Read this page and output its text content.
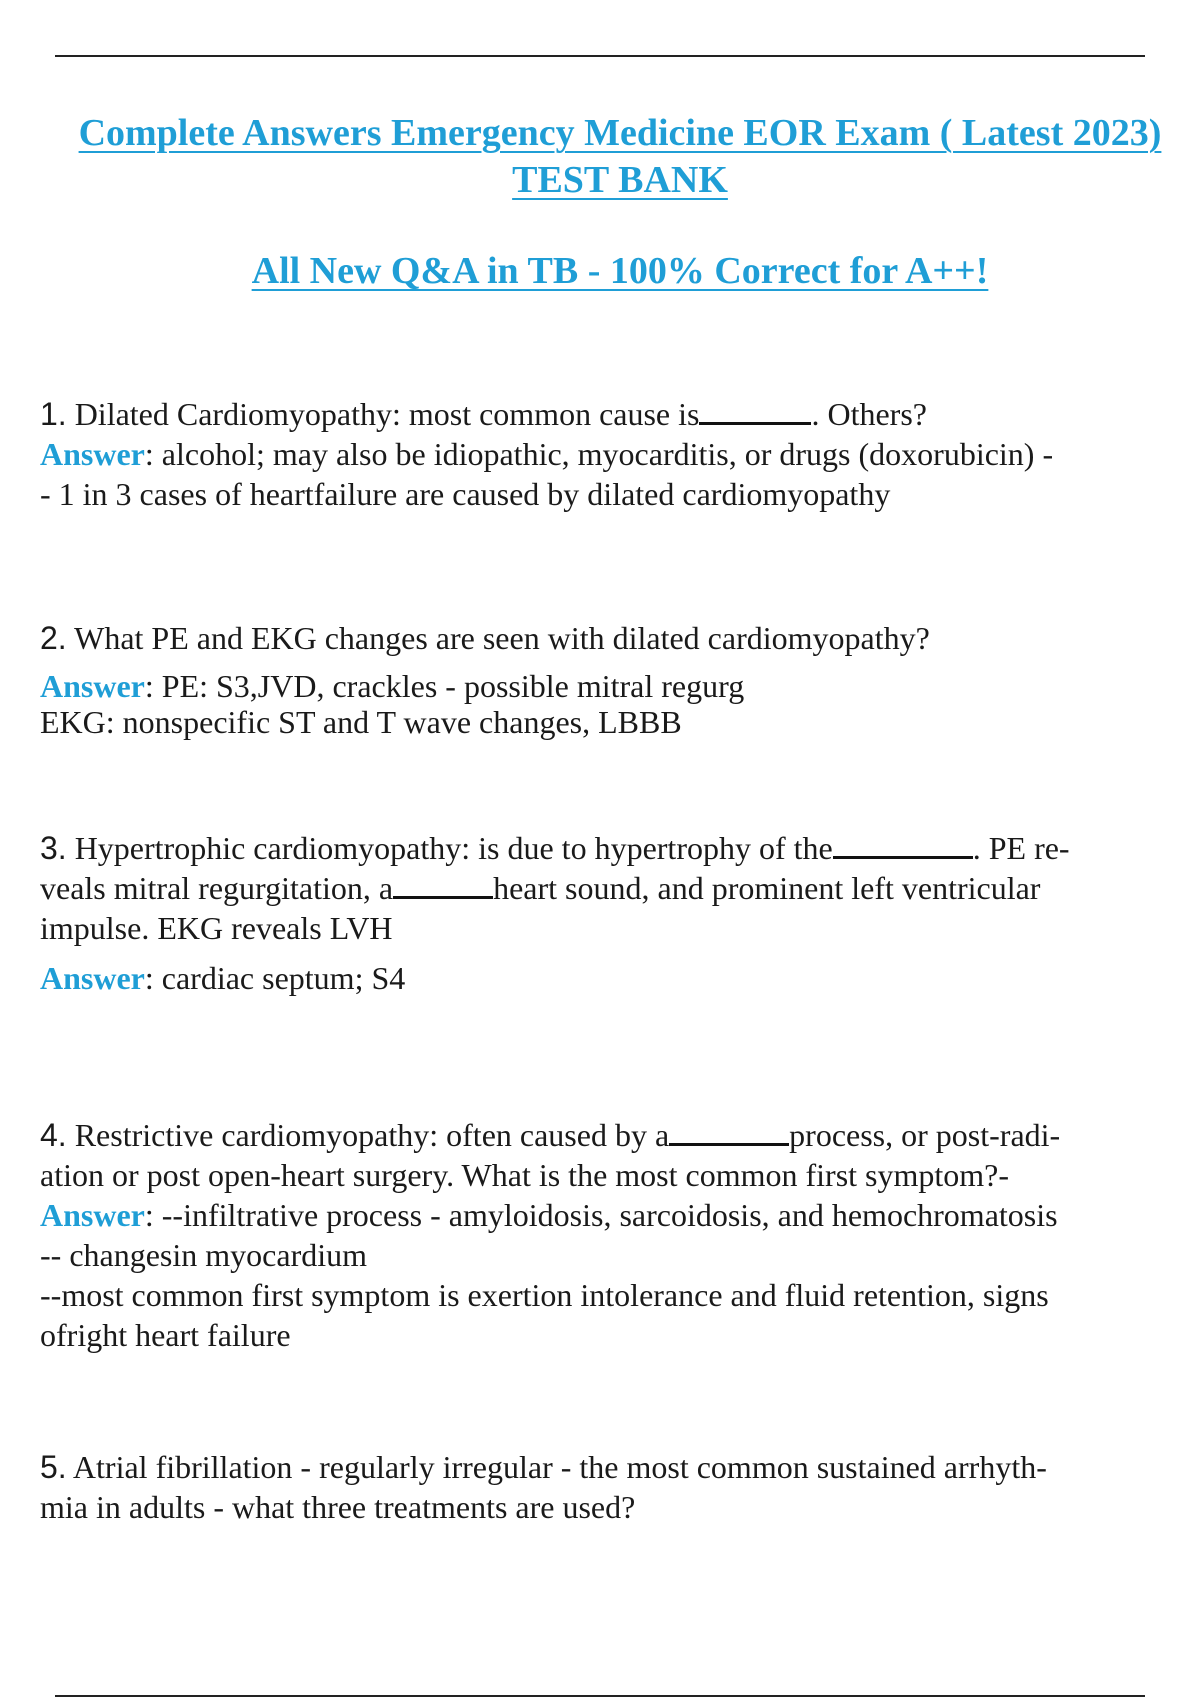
Complete Answers Emergency Medicine EOR Exam ( Latest 2023)
TEST BANK
All New Q&A in TB - 100% Correct for A++!

1. Dilated Cardiomyopathy: most common cause is	. Others?

Answer: alcohol; may also be idiopathic, myocarditis, or drugs (doxorubicin) -
- 1 in 3 cases of heartfailure are caused by dilated cardiomyopathy

2. What PE and EKG changes are seen with dilated cardiomyopathy?

Answer: PE: S3,JVD, crackles - possible mitral regurg
EKG: nonspecific ST and T wave changes, LBBB

3. Hypertrophic cardiomyopathy: is due to hypertrophy of the	. PE re-
veals mitral regurgitation, a	heart sound, and prominent left ventricular
impulse. EKG reveals LVH

Answer: cardiac septum; S4

4. Restrictive cardiomyopathy: often caused by a	process, or post-radi-
ation or post open-heart surgery. What is the most common first symptom?-

Answer: --infiltrative process - amyloidosis, sarcoidosis, and hemochromatosis
-- changesin myocardium
--most common first symptom is exertion intolerance and fluid retention, signs
ofright heart failure

5. Atrial fibrillation - regularly irregular - the most common sustained arrhyth-
mia in adults - what three treatments are used?
